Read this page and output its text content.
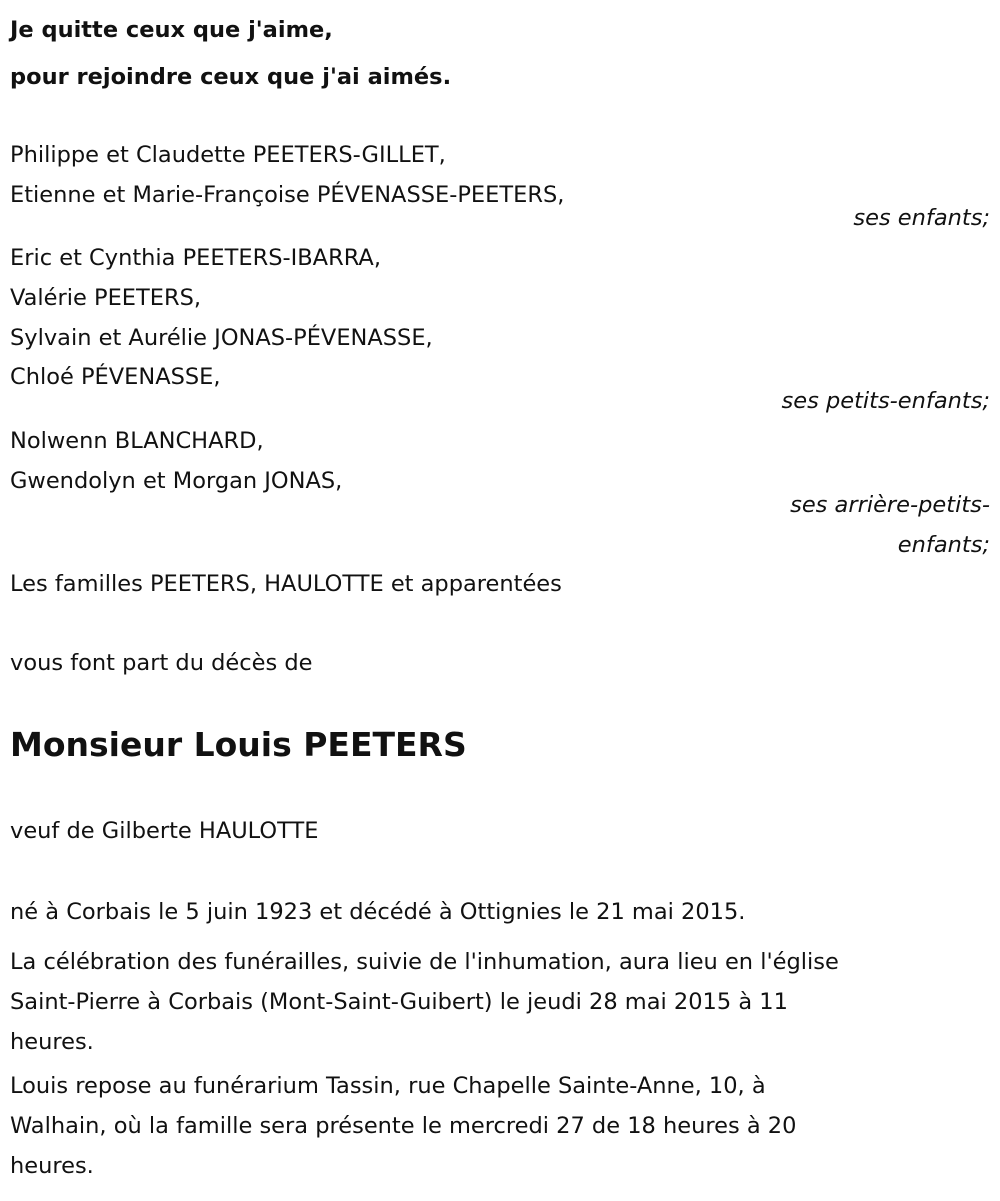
Je quitte ceux que j'aime,
pour rejoindre ceux que j'ai aimés.
Philippe et Claudette PEETERS-GILLET,
Etienne et Marie-Françoise PÉVENASSE-PEETERS,
ses enfants;
Eric et Cynthia PEETERS-IBARRA,
Valérie PEETERS,
Sylvain et Aurélie JONAS-PÉVENASSE,
Chloé PÉVENASSE,
ses petits-enfants;
Nolwenn BLANCHARD,
Gwendolyn et Morgan JONAS,
ses arrière-petits-
enfants;
Les familles PEETERS, HAULOTTE et apparentées
vous font part du décès de
Monsieur Louis PEETERS
veuf de Gilberte HAULOTTE
né à Corbais le 5 juin 1923 et décédé à Ottignies le 21 mai 2015.
La célébration des funérailles, suivie de l'inhumation, aura lieu en l'église
Saint-Pierre à Corbais (Mont-Saint-Guibert) le jeudi 28 mai 2015 à 11
heures.
Louis repose au funérarium Tassin, rue Chapelle Sainte-Anne, 10, à
Walhain, où la famille sera présente le mercredi 27 de 18 heures à 20
heures.
